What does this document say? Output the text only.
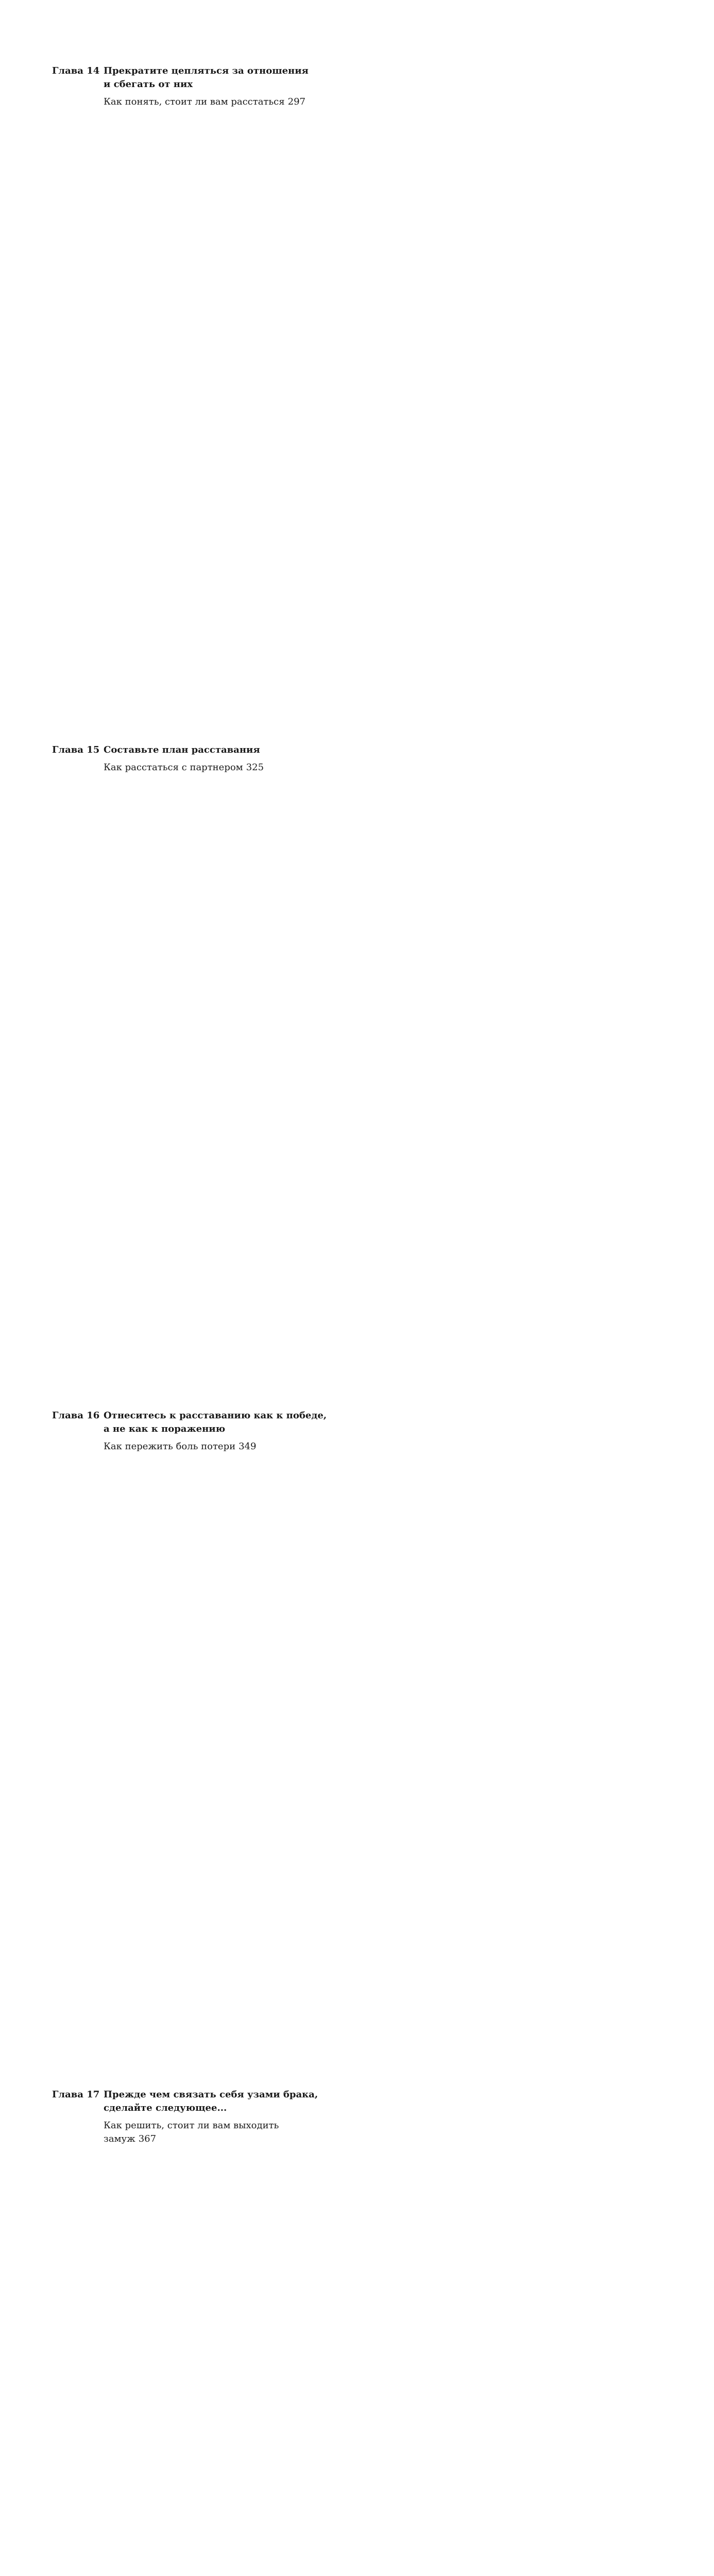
Глава 14 Прекратите цепляться за отношения
и сбегать от них
Как понять, стоит ли вам расстаться 297
Глава 15 Составьте план расставания
Как расстаться с партнером 325
Глава 16 Отнеситесь к расставанию как к победе,
а не как к поражению
Как пережить боль потери 349
Глава 17 Прежде чем связать себя узами брака,
сделайте следующее...
Как решить, стоит ли вам выходить
замуж 367
